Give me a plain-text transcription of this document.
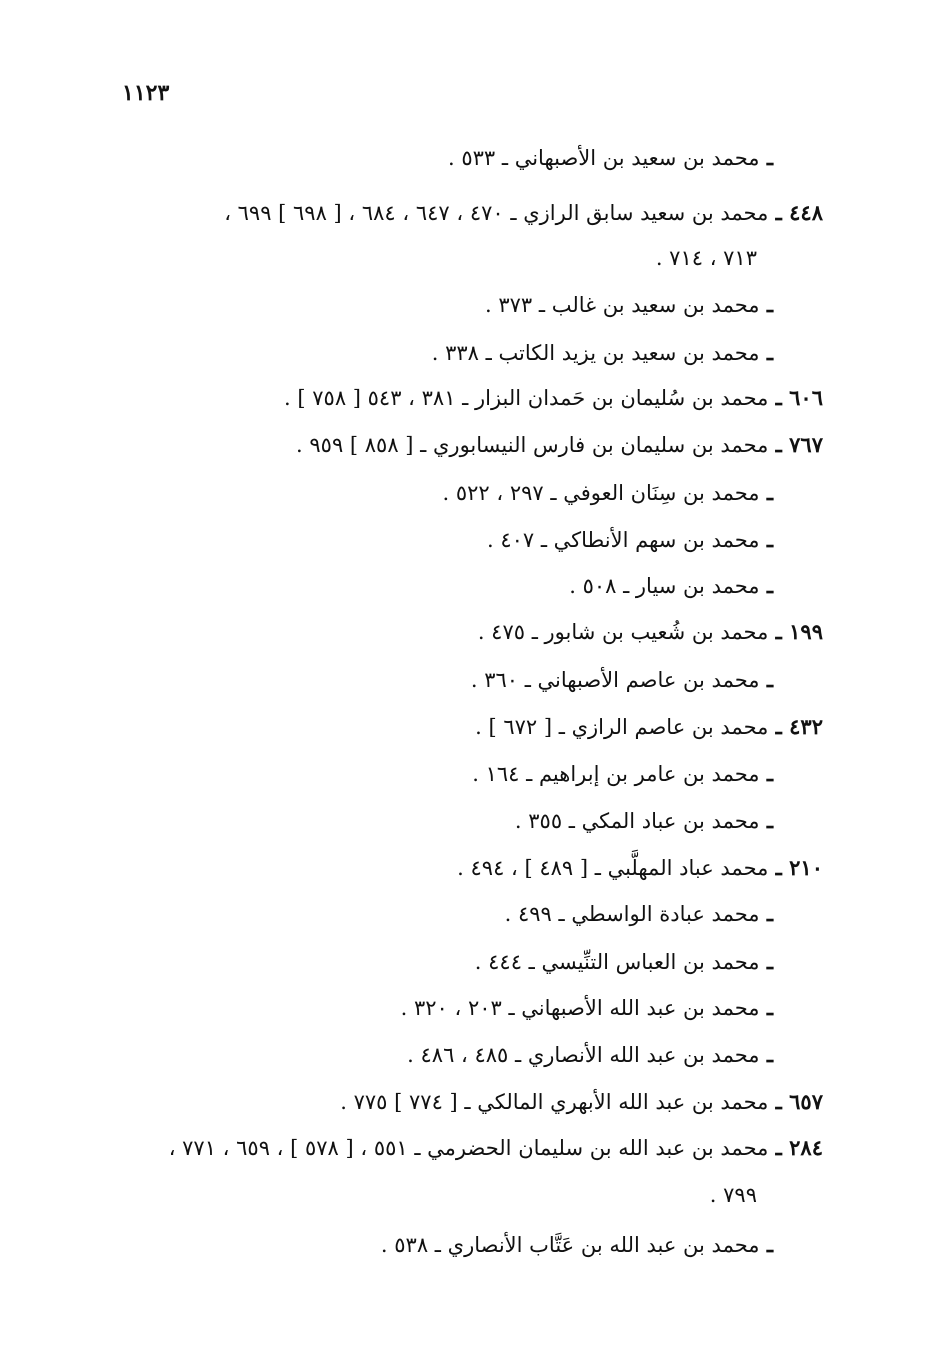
١١٢٣
ـ محمد بن سعيد بن الأصبهاني ـ ٥٣٣ .
٤٤٨ ـ محمد بن سعيد سابق الرازي ـ ٤٧٠ ، ٦٤٧ ، ٦٨٤ ، [ ٦٩٨ ] ٦٩٩ ،
٧١٣ ، ٧١٤ .
ـ محمد بن سعيد بن غالب ـ ٣٧٣ .
ـ محمد بن سعيد بن يزيد الكاتب ـ ٣٣٨ .
٦٠٦ ـ محمد بن سُليمان بن حَمدان البزار ـ ٣٨١ ، ٥٤٣ [ ٧٥٨ ] .
٧٦٧ ـ محمد بن سليمان بن فارس النيسابوري ـ [ ٨٥٨ ] ٩٥٩ .
ـ محمد بن سِنَان العوفي ـ ٢٩٧ ، ٥٢٢ .
ـ محمد بن سهم الأنطاكي ـ ٤٠٧ .
ـ محمد بن سيار ـ ٥٠٨ .
١٩٩ ـ محمد بن شُعيب بن شابور ـ ٤٧٥ .
ـ محمد بن عاصم الأصبهاني ـ ٣٦٠ .
٤٣٢ ـ محمد بن عاصم الرازي ـ [ ٦٧٢ ] .
ـ محمد بن عامر بن إبراهيم ـ ١٦٤ .
ـ محمد بن عباد المكي ـ ٣٥٥ .
٢١٠ ـ محمد عباد المهلَّبي ـ [ ٤٨٩ ] ، ٤٩٤ .
ـ محمد عبادة الواسطي ـ ٤٩٩ .
ـ محمد بن العباس التنِّيسي ـ ٤٤٤ .
ـ محمد بن عبد الله الأصبهاني ـ ٢٠٣ ، ٣٢٠ .
ـ محمد بن عبد الله الأنصاري ـ ٤٨٥ ، ٤٨٦ .
٦٥٧ ـ محمد بن عبد الله الأبهري المالكي ـ [ ٧٧٤ ] ٧٧٥ .
٢٨٤ ـ محمد بن عبد الله بن سليمان الحضرمي ـ ٥٥١ ، [ ٥٧٨ ] ، ٦٥٩ ، ٧٧١ ،
٧٩٩ .
ـ محمد بن عبد الله بن عَتَّاب الأنصاري ـ ٥٣٨ .
